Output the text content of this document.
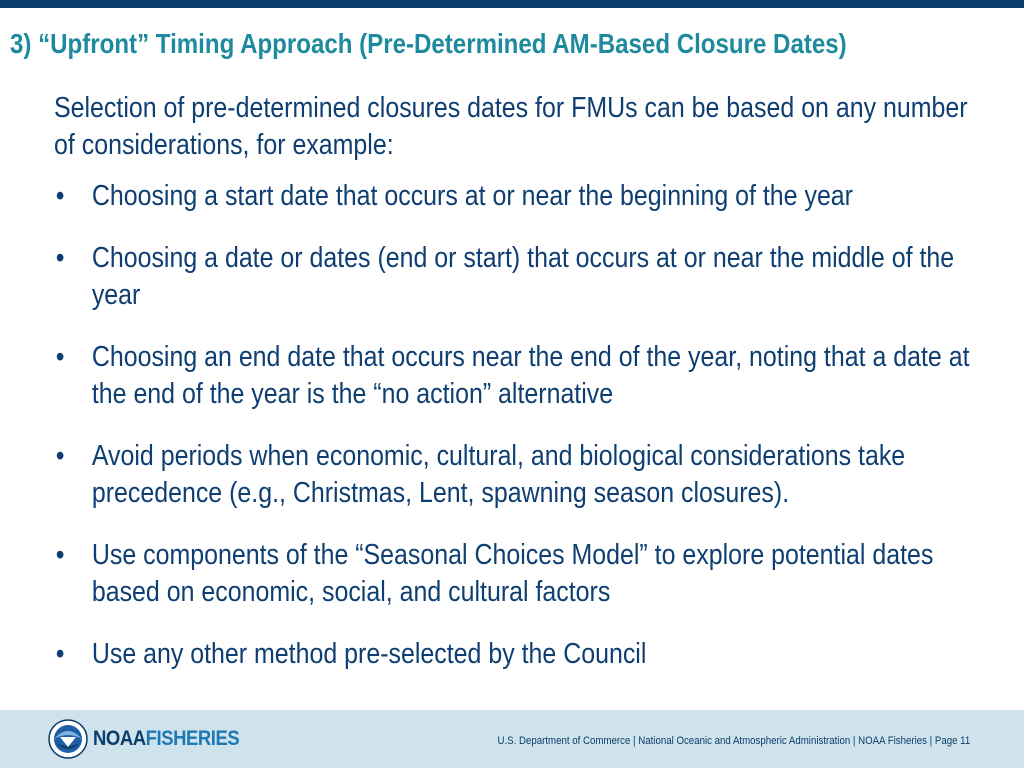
3) “Upfront” Timing Approach (Pre-Determined AM-Based Closure Dates)

Selection of pre-determined closures dates for FMUs can be based on any number of considerations, for example:

• Choosing a start date that occurs at or near the beginning of the year
• Choosing a date or dates (end or start) that occurs at or near the middle of the year
• Choosing an end date that occurs near the end of the year, noting that a date at the end of the year is the “no action” alternative
• Avoid periods when economic, cultural, and biological considerations take precedence (e.g., Christmas, Lent, spawning season closures).
• Use components of the “Seasonal Choices Model” to explore potential dates based on economic, social, and cultural factors
• Use any other method pre-selected by the Council
NOAAFISHERIES	U.S. Department of Commerce | National Oceanic and Atmospheric Administration | NOAA Fisheries | Page 11
